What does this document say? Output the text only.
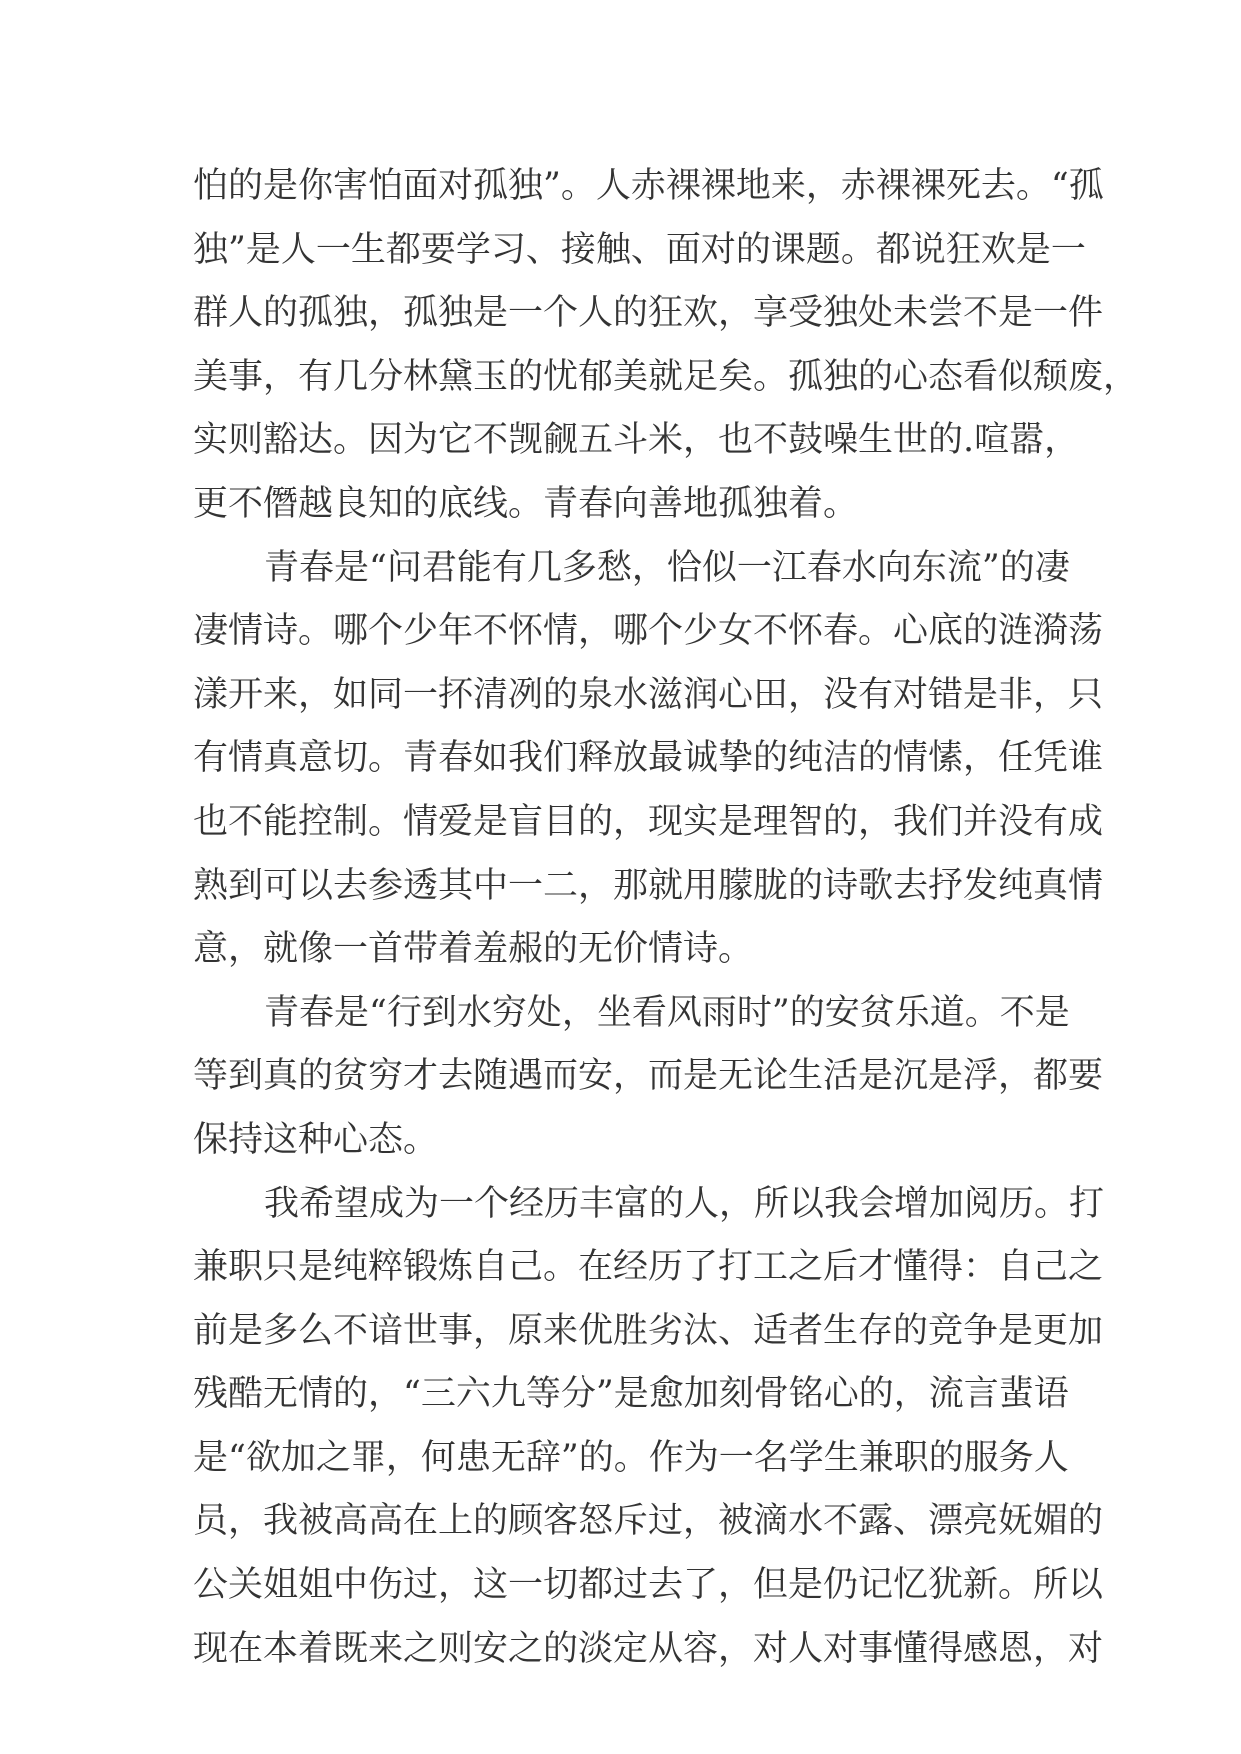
怕的是你害怕面对孤独”。人赤裸裸地来，赤裸裸死去。“孤
独”是人一生都要学习、接触、面对的课题。都说狂欢是一
群人的孤独，孤独是一个人的狂欢，享受独处未尝不是一件
美事，有几分林黛玉的忧郁美就足矣。孤独的心态看似颓废，
实则豁达。因为它不觊觎五斗米，也不鼓噪生世的.喧嚣，
更不僭越良知的底线。青春向善地孤独着。
青春是“问君能有几多愁，恰似一江春水向东流”的凄
凄情诗。哪个少年不怀情，哪个少女不怀春。心底的涟漪荡
漾开来，如同一抔清冽的泉水滋润心田，没有对错是非，只
有情真意切。青春如我们释放最诚挚的纯洁的情愫，任凭谁
也不能控制。情爱是盲目的，现实是理智的，我们并没有成
熟到可以去参透其中一二，那就用朦胧的诗歌去抒发纯真情
意，就像一首带着羞赧的无价情诗。
青春是“行到水穷处，坐看风雨时”的安贫乐道。不是
等到真的贫穷才去随遇而安，而是无论生活是沉是浮，都要
保持这种心态。
我希望成为一个经历丰富的人，所以我会增加阅历。打
兼职只是纯粹锻炼自己。在经历了打工之后才懂得：自己之
前是多么不谙世事，原来优胜劣汰、适者生存的竞争是更加
残酷无情的，“三六九等分”是愈加刻骨铭心的，流言蜚语
是“欲加之罪，何患无辞”的。作为一名学生兼职的服务人
员，我被高高在上的顾客怒斥过，被滴水不露、漂亮妩媚的
公关姐姐中伤过，这一切都过去了，但是仍记忆犹新。所以
现在本着既来之则安之的淡定从容，对人对事懂得感恩，对
